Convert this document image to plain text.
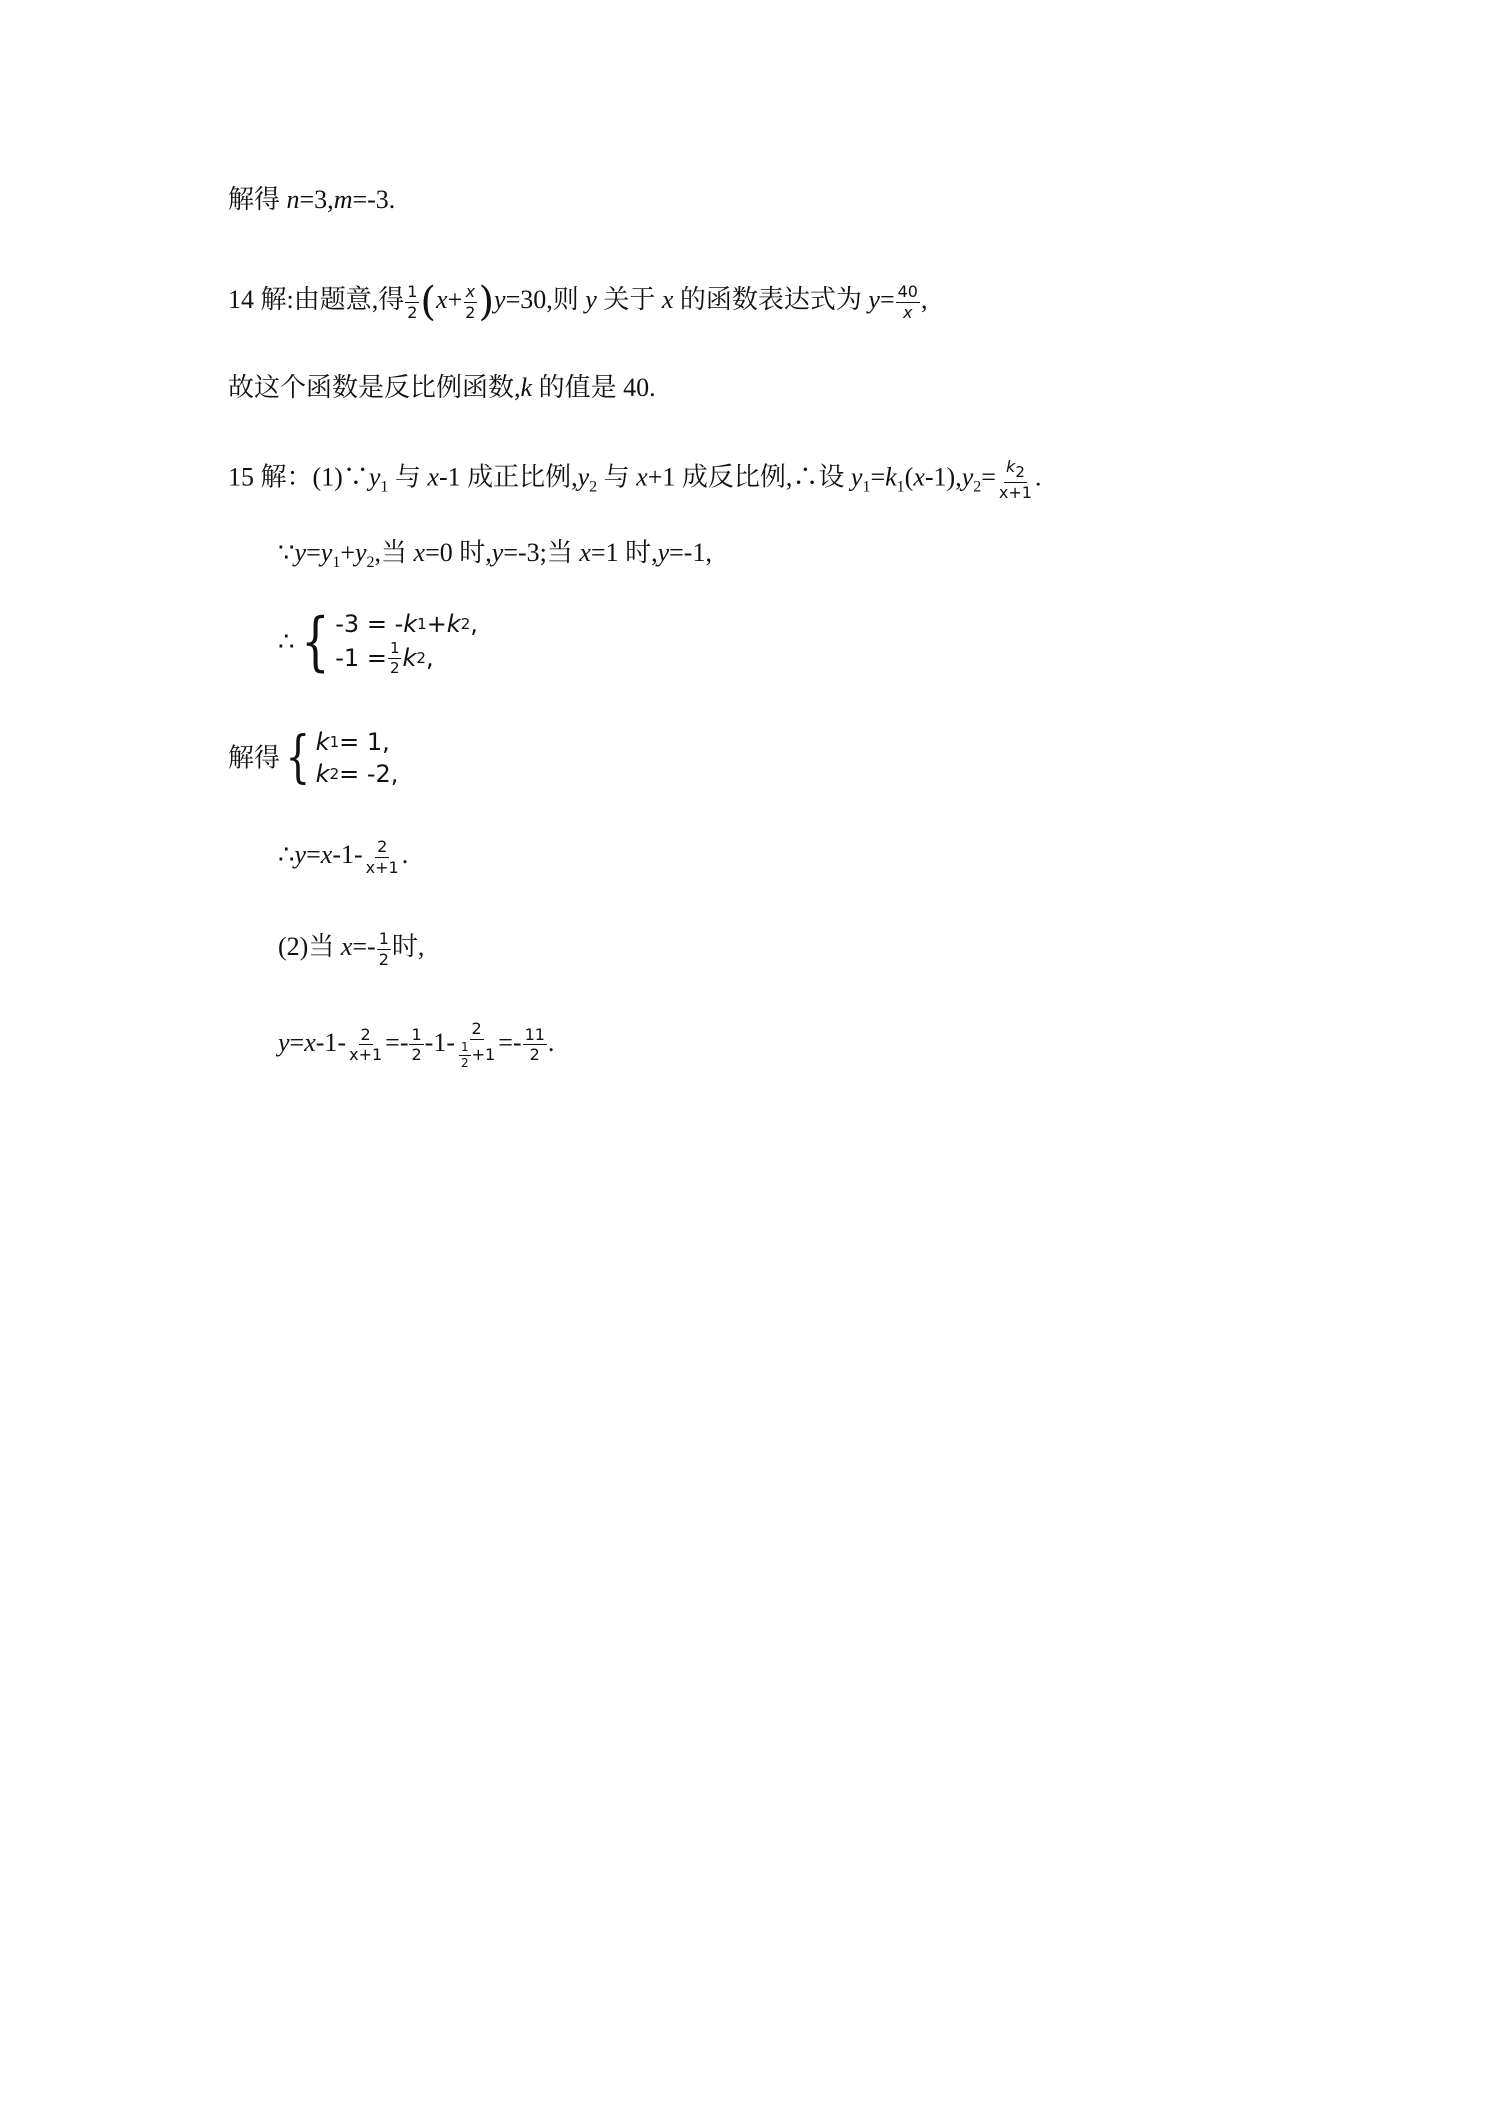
解得 n=3,m=-3.
14 解:由题意,得 $\frac{1}{2} (x+ \frac{x}{2} )y=30$,则 y 关于 x 的函数表达式为 $y= \frac{40}{x}$ ,
故这个函数是反比例函数,k 的值是 40.
15 解：$(1)\because y_1$ 与 x-1 成正比例$,y_2$ 与 x+1 成反比例,∴设 $y_1=k_1(x-1),y_2= \frac{k2}{x+1}$ .
$\because y=y_1+y_2$,当 x=0 时,y=-3;当 x=1 时,y=-1,
∴{ -3 = - k 1 + k 2 ,
$-1 = \frac{1}{2}$ k 2 ,
解得{ k 1 = 1,
k 2 = -2,
∴y=x-1- $\frac{2}{x+1}$ .
(2)当 $x=- \frac{1}{2}$ 时,
$y=x-1- \frac{2}{x+1} =- \frac{1}{2} -1- \frac{2}{\frac{1}{2} +1} =- \frac{11}{2}$ .
